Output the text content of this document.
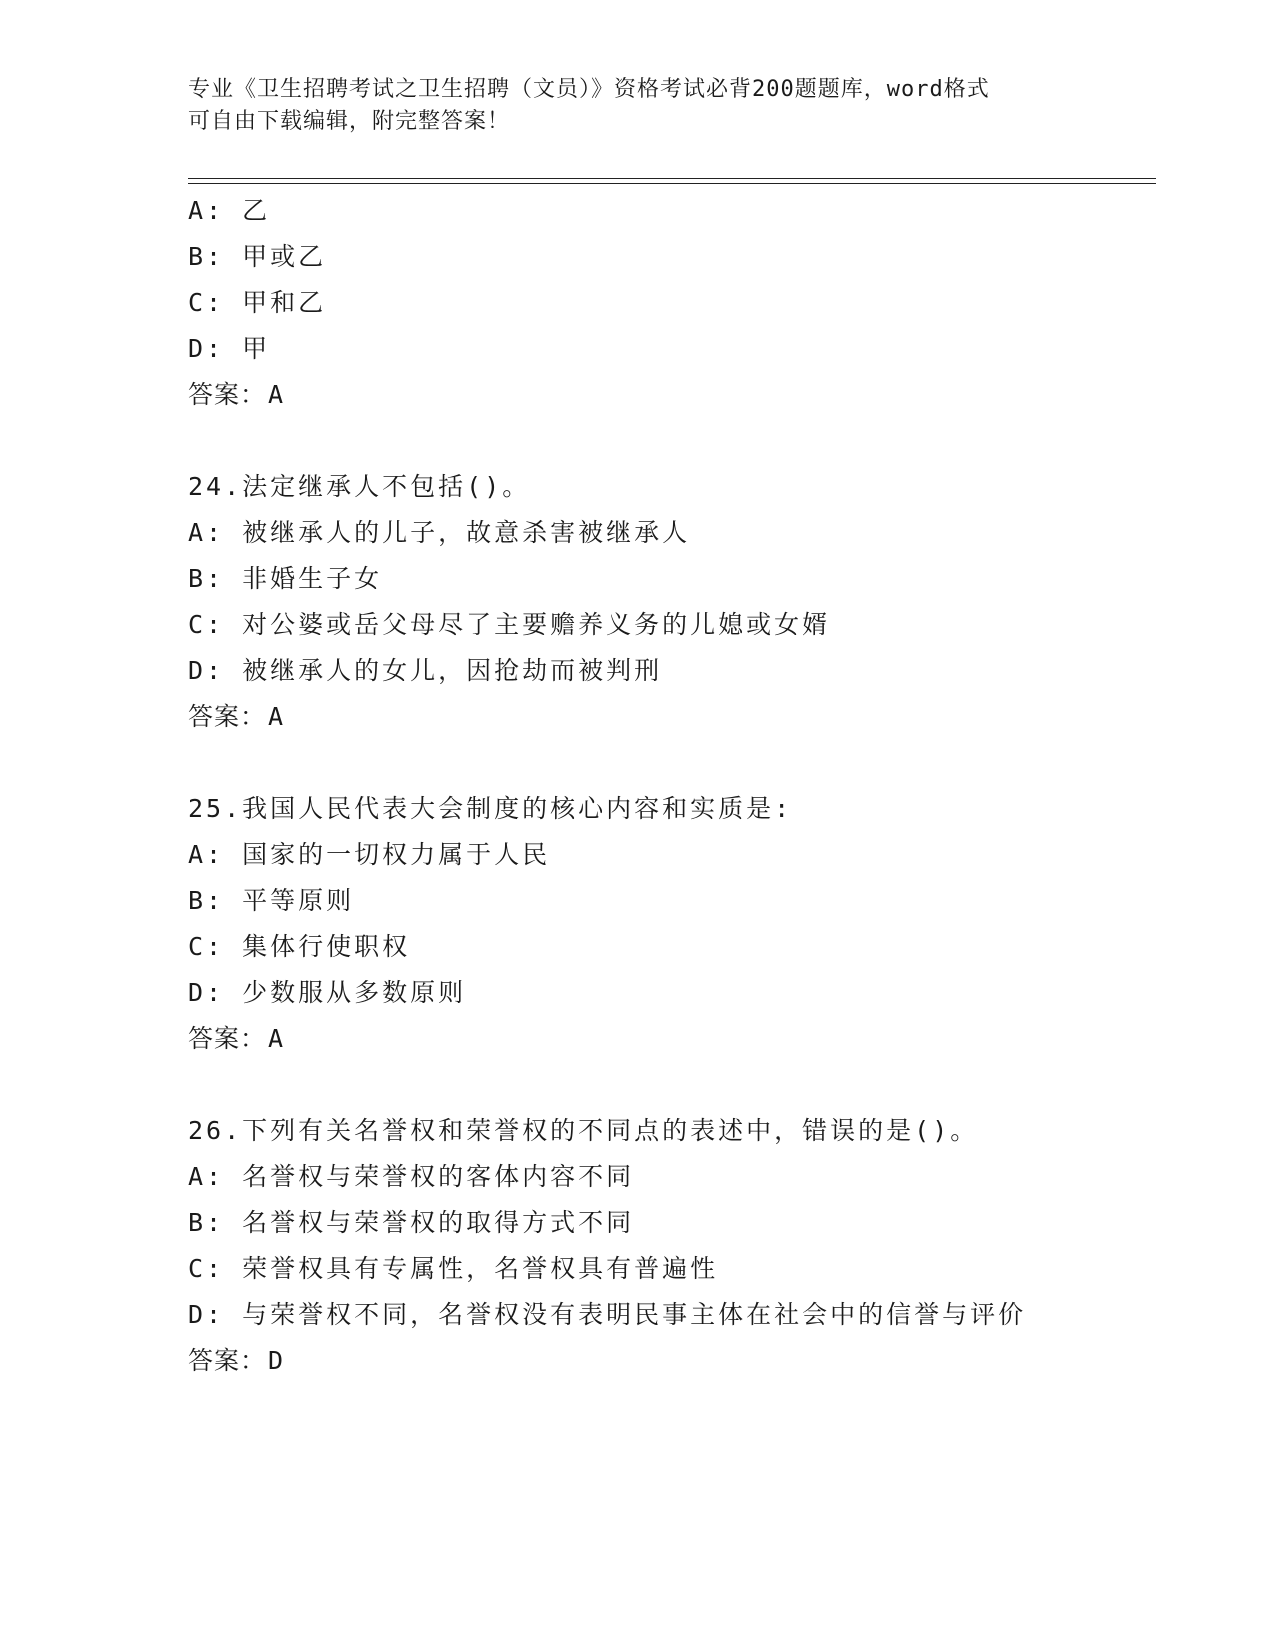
专业《卫生招聘考试之卫生招聘（文员）》资格考试必背200题题库，word格式
可自由下载编辑，附完整答案！
A: 乙
B: 甲或乙
C: 甲和乙
D: 甲
答案：A
24.法定继承人不包括()。
A: 被继承人的儿子，故意杀害被继承人
B: 非婚生子女
C: 对公婆或岳父母尽了主要赡养义务的儿媳或女婿
D: 被继承人的女儿，因抢劫而被判刑
答案：A
25.我国人民代表大会制度的核心内容和实质是:
A: 国家的一切权力属于人民
B: 平等原则
C: 集体行使职权
D: 少数服从多数原则
答案：A
26.下列有关名誉权和荣誉权的不同点的表述中，错误的是()。
A: 名誉权与荣誉权的客体内容不同
B: 名誉权与荣誉权的取得方式不同
C: 荣誉权具有专属性，名誉权具有普遍性
D: 与荣誉权不同，名誉权没有表明民事主体在社会中的信誉与评价
答案：D
